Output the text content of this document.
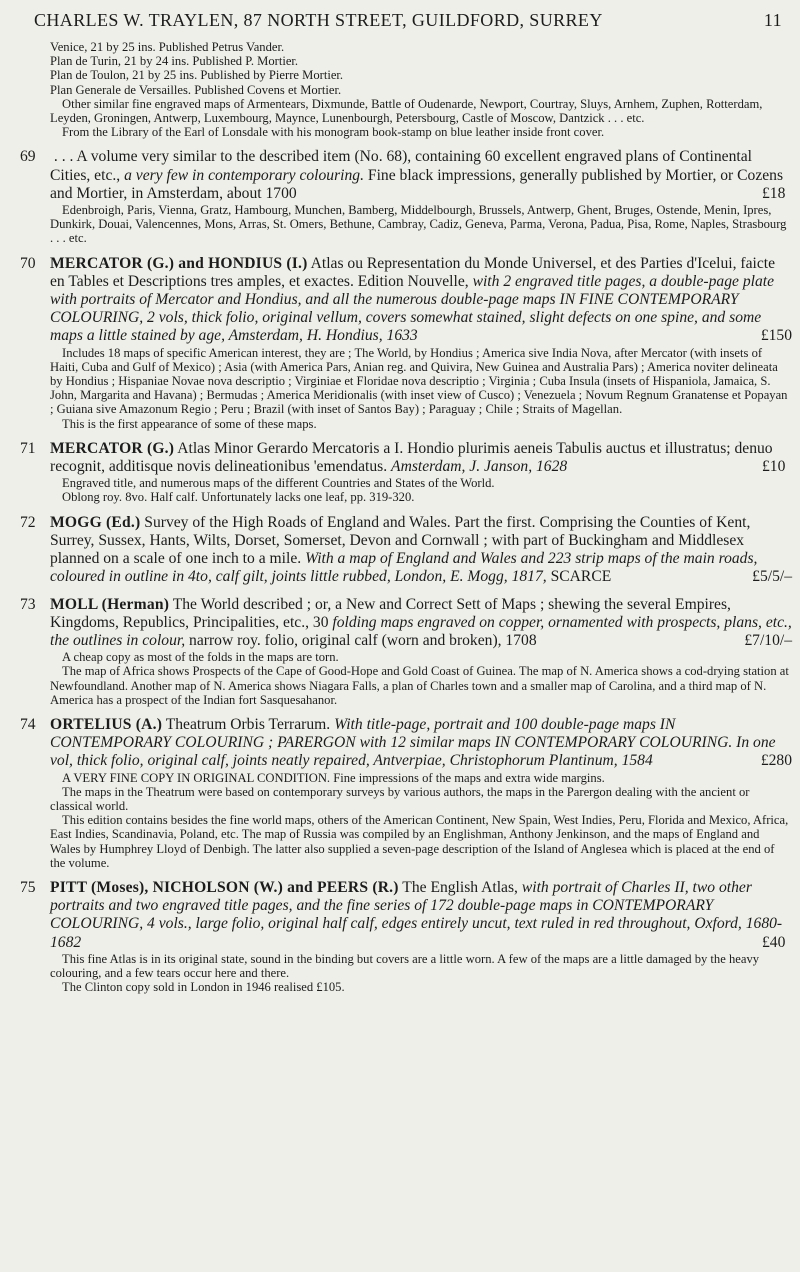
CHARLES W. TRAYLEN, 87 NORTH STREET, GUILDFORD, SURREY	11

Venice, 21 by 25 ins. Published Petrus Vander.

Plan de Turin, 21 by 24 ins. Published P. Mortier.

Plan de Toulon, 21 by 25 ins. Published by Pierre Mortier.

Plan Generale de Versailles. Published Covens et Mortier.

Other similar fine engraved maps of Armentears, Dixmunde, Battle of Oudenarde, Newport, Courtray, Sluys, Arnhem, Zuphen, Rotterdam, Leyden, Groningen, Antwerp, Luxembourg, Maynce, Lunenbourgh, Petersbourg, Castle of Moscow, Dantzick . . . etc.

From the Library of the Earl of Lonsdale with his monogram book-stamp on blue leather inside front cover.

69 . . . A volume very similar to the described item (No. 68), containing 60 excellent engraved plans of Continental Cities, etc., a very few in contemporary colouring. Fine black impressions, generally published by Mortier, or Cozens and Mortier, in Amsterdam, about 1700	£18

Edenbroigh, Paris, Vienna, Gratz, Hambourg, Munchen, Bamberg, Middelbourgh, Brussels, Antwerp, Ghent, Bruges, Ostende, Menin, Ipres, Dunkirk, Douai, Valencennes, Mons, Arras, St. Omers, Bethune, Cambray, Cadiz, Geneva, Parma, Verona, Padua, Pisa, Rome, Naples, Strasbourg . . . etc.

70 MERCATOR (G.) and HONDIUS (I.) Atlas ou Representation du Monde Universel, et des Parties d'Icelui, faicte en Tables et Descriptions tres amples, et exactes. Edition Nouvelle, with 2 engraved title pages, a double-page plate with portraits of Mercator and Hondius, and all the numerous double-page maps IN FINE CONTEMPORARY COLOURING, 2 vols, thick folio, original vellum, covers somewhat stained, slight defects on one spine, and some maps a little stained by age, Amsterdam, H. Hondius, 1633	£150

Includes 18 maps of specific American interest, they are ; The World, by Hondius ; America sive India Nova, after Mercator (with insets of Haiti, Cuba and Gulf of Mexico) ; Asia (with America Pars, Anian reg. and Quivira, New Guinea and Australia Pars) ; America noviter delineata by Hondius ; Hispaniae Novae nova descriptio ; Virginiae et Floridae nova descriptio ; Virginia ; Cuba Insula (insets of Hispaniola, Jamaica, S. John, Margarita and Havana) ; Bermudas ; America Meridionalis (with inset view of Cusco) ; Venezuela ; Novum Regnum Granatense et Popayan ; Guiana sive Amazonum Regio ; Peru ; Brazil (with inset of Santos Bay) ; Paraguay ; Chile ; Straits of Magellan.

This is the first appearance of some of these maps.

71 MERCATOR (G.) Atlas Minor Gerardo Mercatoris a I. Hondio plurimis aeneis Tabulis auctus et illustratus; denuo recognit, additisque novis delineationibus 'emendatus. Amsterdam, J. Janson, 1628	£10

Engraved title, and numerous maps of the different Countries and States of the World.

Oblong roy. 8vo. Half calf. Unfortunately lacks one leaf, pp. 319-320.

72 MOGG (Ed.) Survey of the High Roads of England and Wales. Part the first. Comprising the Counties of Kent, Surrey, Sussex, Hants, Wilts, Dorset, Somerset, Devon and Cornwall ; with part of Buckingham and Middlesex planned on a scale of one inch to a mile. With a map of England and Wales and 223 strip maps of the main roads, coloured in outline in 4to, calf gilt, joints little rubbed, London, E. Mogg, 1817, SCARCE	£5/5/–

73 MOLL (Herman) The World described ; or, a New and Correct Sett of Maps ; shewing the several Empires, Kingdoms, Republics, Principalities, etc., 30 folding maps engraved on copper, ornamented with prospects, plans, etc., the outlines in colour, narrow roy. folio, original calf (worn and broken), 1708	£7/10/–

A cheap copy as most of the folds in the maps are torn.

The map of Africa shows Prospects of the Cape of Good-Hope and Gold Coast of Guinea. The map of N. America shows a cod-drying station at Newfoundland. Another map of N. America shows Niagara Falls, a plan of Charles town and a smaller map of Carolina, and a third map of N. America has a prospect of the Indian fort Sasquesahanor.

74 ORTELIUS (A.) Theatrum Orbis Terrarum. With title-page, portrait and 100 double-page maps IN CONTEMPORARY COLOURING ; PARERGON with 12 similar maps IN CONTEMPORARY COLOURING. In one vol, thick folio, original calf, joints neatly repaired, Antverpiae, Christophorum Plantinum, 1584	£280

A VERY FINE COPY IN ORIGINAL CONDITION. Fine impressions of the maps and extra wide margins.

The maps in the Theatrum were based on contemporary surveys by various authors, the maps in the Parergon dealing with the ancient or classical world.

This edition contains besides the fine world maps, others of the American Continent, New Spain, West Indies, Peru, Florida and Mexico, Africa, East Indies, Scandinavia, Poland, etc. The map of Russia was compiled by an Englishman, Anthony Jenkinson, and the maps of England and Wales by Humphrey Lloyd of Denbigh. The latter also supplied a seven-page description of the Island of Anglesea which is placed at the end of the volume.

75 PITT (Moses), NICHOLSON (W.) and PEERS (R.) The English Atlas, with portrait of Charles II, two other portraits and two engraved title pages, and the fine series of 172 double-page maps in CONTEMPORARY COLOURING, 4 vols., large folio, original half calf, edges entirely uncut, text ruled in red throughout, Oxford, 1680-1682	£40

This fine Atlas is in its original state, sound in the binding but covers are a little worn. A few of the maps are a little damaged by the heavy colouring, and a few tears occur here and there.

The Clinton copy sold in London in 1946 realised £105.
